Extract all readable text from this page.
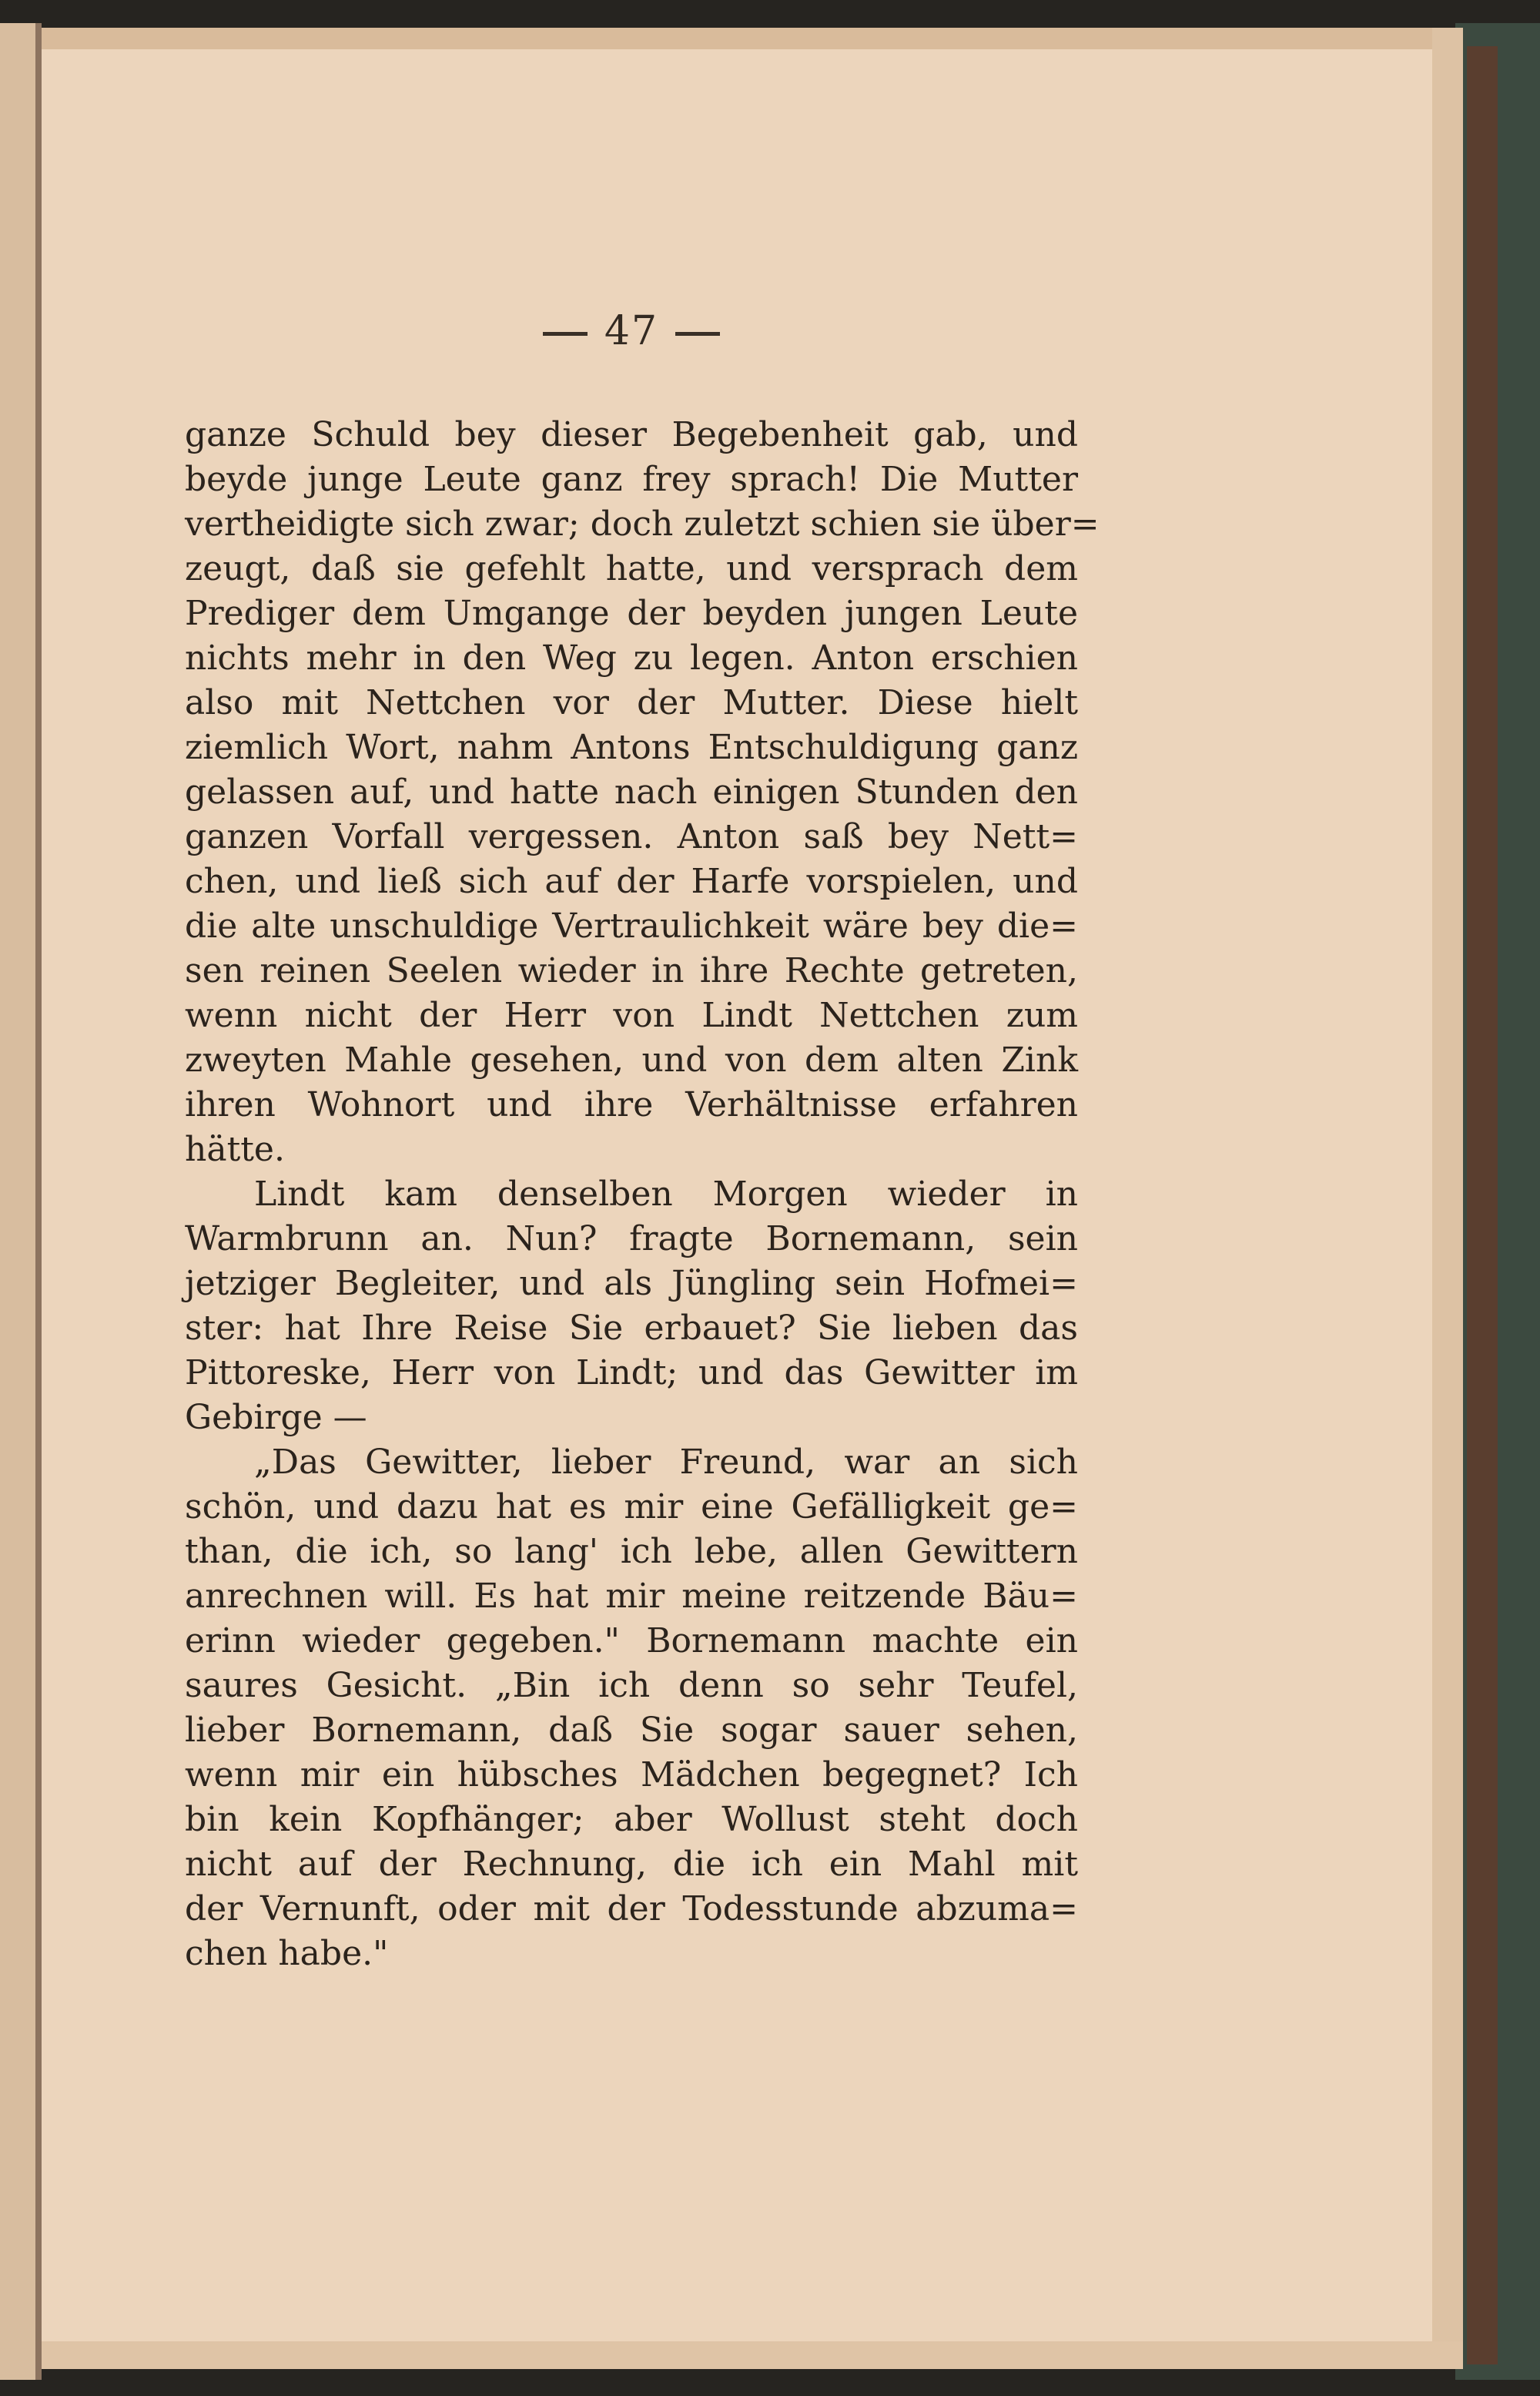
47
ganze Schuld bey dieser Begebenheit gab, und
beyde junge Leute ganz frey sprach! Die Mutter
vertheidigte sich zwar; doch zuletzt schien sie über=
zeugt, daß sie gefehlt hatte, und versprach dem
Prediger dem Umgange der beyden jungen Leute
nichts mehr in den Weg zu legen. Anton erschien
also mit Nettchen vor der Mutter. Diese hielt
ziemlich Wort, nahm Antons Entschuldigung ganz
gelassen auf, und hatte nach einigen Stunden den
ganzen Vorfall vergessen. Anton saß bey Nett=
chen, und ließ sich auf der Harfe vorspielen, und
die alte unschuldige Vertraulichkeit wäre bey die=
sen reinen Seelen wieder in ihre Rechte getreten,
wenn nicht der Herr von Lindt Nettchen zum
zweyten Mahle gesehen, und von dem alten Zink
ihren Wohnort und ihre Verhältnisse erfahren
hätte.
Lindt kam denselben Morgen wieder in
Warmbrunn an. Nun? fragte Bornemann, sein
jetziger Begleiter, und als Jüngling sein Hofmei=
ster: hat Ihre Reise Sie erbauet? Sie lieben das
Pittoreske, Herr von Lindt; und das Gewitter im
Gebirge —
„Das Gewitter, lieber Freund, war an sich
schön, und dazu hat es mir eine Gefälligkeit ge=
than, die ich, so lang' ich lebe, allen Gewittern
anrechnen will. Es hat mir meine reitzende Bäu=
erinn wieder gegeben." Bornemann machte ein
saures Gesicht. „Bin ich denn so sehr Teufel,
lieber Bornemann, daß Sie sogar sauer sehen,
wenn mir ein hübsches Mädchen begegnet? Ich
bin kein Kopfhänger; aber Wollust steht doch
nicht auf der Rechnung, die ich ein Mahl mit
der Vernunft, oder mit der Todesstunde abzuma=
chen habe."
